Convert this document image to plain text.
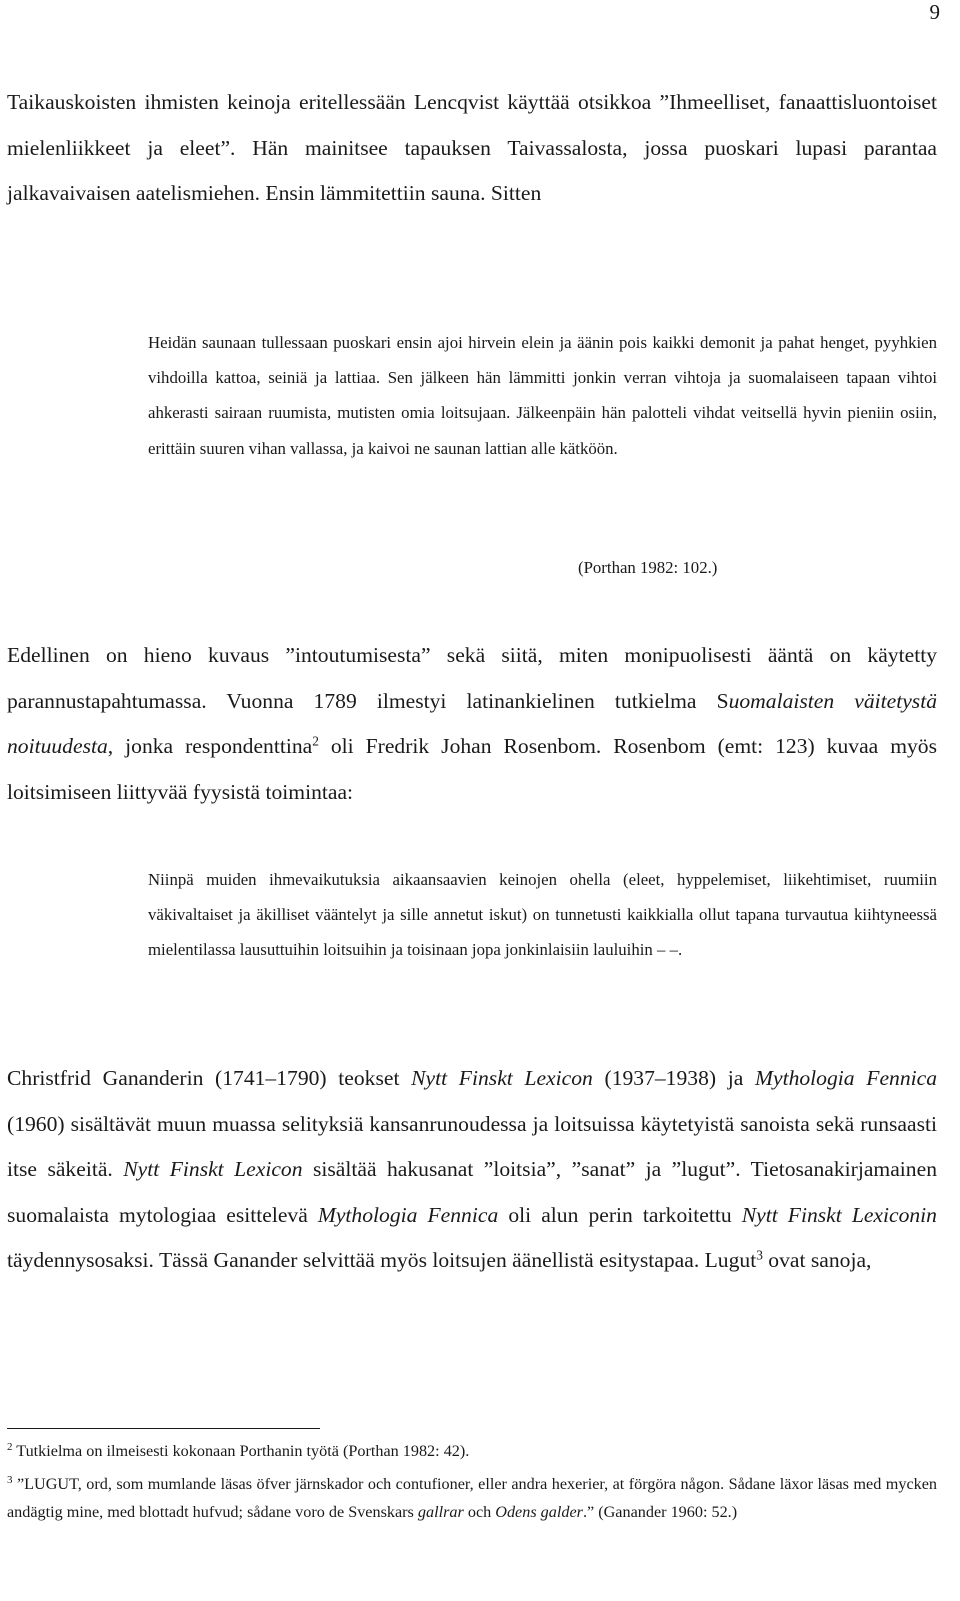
9

Taikauskoisten ihmisten keinoja eritellessään Lencqvist käyttää otsikkoa ”Ihmeelliset, fanaattisluontoiset mielenliikkeet ja eleet”. Hän mainitsee tapauksen Taivassalosta, jossa puoskari lupasi parantaa jalkavaivaisen aatelismiehen. Ensin lämmitettiin sauna. Sitten

Heidän saunaan tullessaan puoskari ensin ajoi hirvein elein ja äänin pois kaikki demonit ja pahat henget, pyyhkien vihdoilla kattoa, seiniä ja lattiaa. Sen jälkeen hän lämmitti jonkin verran vihtoja ja suomalaiseen tapaan vihtoi ahkerasti sairaan ruumista, mutisten omia loitsujaan. Jälkeenpäin hän palotteli vihdat veitsellä hyvin pieniin osiin, erittäin suuren vihan vallassa, ja kaivoi ne saunan lattian alle kätköön.

(Porthan 1982: 102.)

Edellinen on hieno kuvaus ”intoutumisesta” sekä siitä, miten monipuolisesti ääntä on käytetty parannustapahtumassa. Vuonna 1789 ilmestyi latinankielinen tutkielma Suomalaisten väitetystä noituudesta, jonka respondenttina$^2$ oli Fredrik Johan Rosenbom. Rosenbom (emt: 123) kuvaa myös loitsimiseen liittyvää fyysistä toimintaa:

Niinpä muiden ihmevaikutuksia aikaansaavien keinojen ohella (eleet, hyppelemiset, liikehtimiset, ruumiin väkivaltaiset ja äkilliset vääntelyt ja sille annetut iskut) on tunnetusti kaikkialla ollut tapana turvautua kiihtyneessä mielentilassa lausuttuihin loitsuihin ja toisinaan jopa jonkinlaisiin lauluihin – –.

Christfrid Gananderin (1741–1790) teokset Nytt Finskt Lexicon (1937–1938) ja Mythologia Fennica (1960) sisältävät muun muassa selityksiä kansanrunoudessa ja loitsuissa käytetyistä sanoista sekä runsaasti itse säkeitä. Nytt Finskt Lexicon sisältää hakusanat ”loitsia”, ”sanat” ja ”lugut”. Tietosanakirjamainen suomalaista mytologiaa esittelevä Mythologia Fennica oli alun perin tarkoitettu Nytt Finskt Lexiconin täydennysosaksi. Tässä Ganander selvittää myös loitsujen äänellistä esitystapaa. Lugut$^3$ ovat sanoja,

$^2$ Tutkielma on ilmeisesti kokonaan Porthanin työtä (Porthan 1982: 42).

$^3$ ”LUGUT, ord, som mumlande läsas öfver järnskador och contufioner, eller andra hexerier, at förgöra någon. Sådane läxor läsas med mycken andägtig mine, med blottadt hufvud; sådane voro de Svenskars gallrar och Odens galder.” (Ganander 1960: 52.)
